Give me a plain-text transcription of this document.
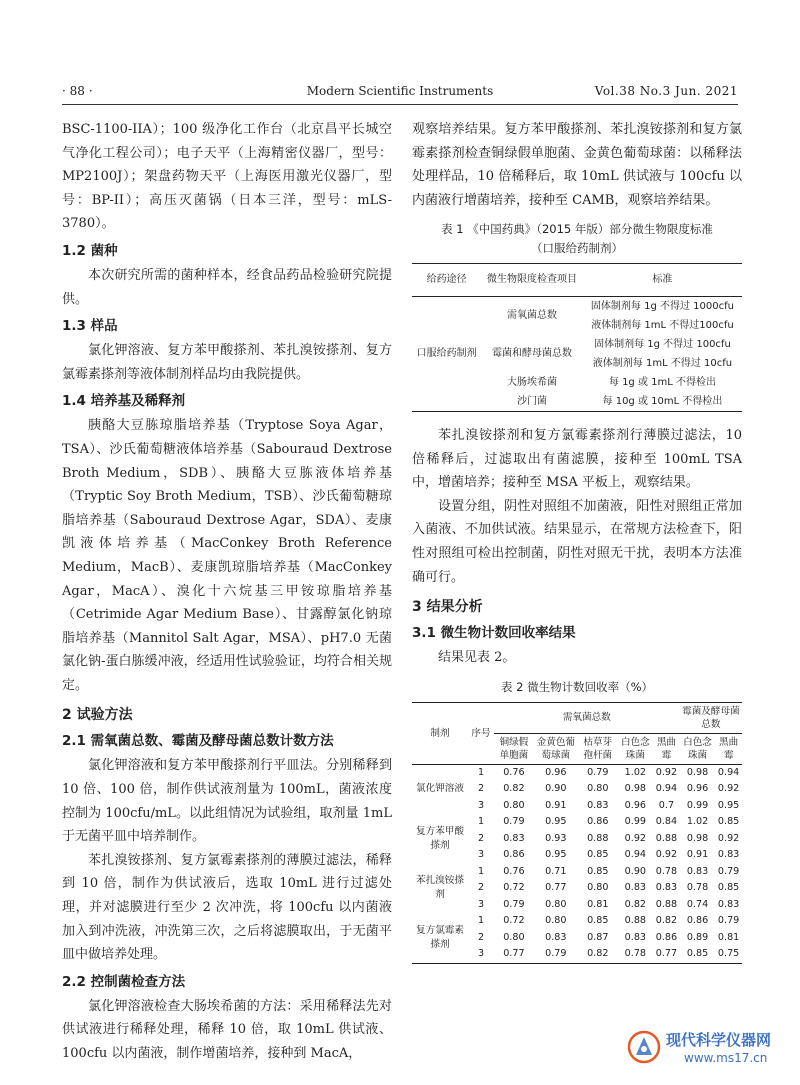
· 88 ·	Modern Scientific Instruments	Vol.38 No.3 Jun. 2021

BSC-1100-IIA）；100 级净化工作台（北京昌平长城空气净化工程公司）；电子天平（上海精密仪器厂，型号：MP2100J）；架盘药物天平（上海医用激光仪器厂，型号：BP-II）；高压灭菌锅（日本三洋，型号：mLS-3780）。

1.2 菌种

本次研究所需的菌种样本，经食品药品检验研究院提供。

1.3 样品

氯化钾溶液、复方苯甲酸搽剂、苯扎溴铵搽剂、复方氯霉素搽剂等液体制剂样品均由我院提供。

1.4 培养基及稀释剂

胰酪大豆胨琼脂培养基（Tryptose Soya Agar，TSA）、沙氏葡萄糖液体培养基（Sabouraud Dextrose Broth Medium，SDB）、胰酪大豆胨液体培养基（Tryptic Soy Broth Medium，TSB）、沙氏葡萄糖琼脂培养基（Sabouraud Dextrose Agar，SDA）、麦康凯液体培养基（MacConkey Broth Reference Medium，MacB）、麦康凯琼脂培养基（MacConkey Agar，MacA）、溴化十六烷基三甲铵琼脂培养基（Cetrimide Agar Medium Base）、甘露醇氯化钠琼脂培养基（Mannitol Salt Agar，MSA）、pH7.0 无菌氯化钠-蛋白胨缓冲液，经适用性试验验证，均符合相关规定。

2 试验方法
2.1 需氧菌总数、霉菌及酵母菌总数计数方法

氯化钾溶液和复方苯甲酸搽剂行平皿法。分别稀释到 10 倍、100 倍，制作供试液剂量为 100mL，菌液浓度控制为 100cfu/mL。以此组情况为试验组，取剂量 1mL 于无菌平皿中培养制作。

苯扎溴铵搽剂、复方氯霉素搽剂的薄膜过滤法，稀释到 10 倍，制作为供试液后，选取 10mL 进行过滤处理，并对滤膜进行至少 2 次冲洗，将 100cfu 以内菌液加入到冲洗液，冲洗第三次，之后将滤膜取出，于无菌平皿中做培养处理。

2.2 控制菌检查方法

氯化钾溶液检查大肠埃希菌的方法：采用稀释法先对供试液进行稀释处理，稀释 10 倍，取 10mL 供试液、100cfu 以内菌液，制作增菌培养，接种到 MacA，

观察培养结果。复方苯甲酸搽剂、苯扎溴铵搽剂和复方氯霉素搽剂检查铜绿假单胞菌、金黄色葡萄球菌：以稀释法处理样品，10 倍稀释后，取 10mL 供试液与 100cfu 以内菌液行增菌培养，接种至 CAMB，观察培养结果。

表 1 《中国药典》（2015 年版）部分微生物限度标准
（口服给药制剂）
给药途径	微生物限度检查项目	标准
口服给药制剂	需氧菌总数	固体制剂每 1g 不得过 1000cfu
		液体制剂每 1mL 不得过100cfu
	霉菌和酵母菌总数	固体制剂每 1g 不得过 100cfu
		液体制剂每 1mL 不得过 10cfu
	大肠埃希菌	每 1g 或 1mL 不得检出
	沙门菌	每 10g 或 10mL 不得检出

苯扎溴铵搽剂和复方氯霉素搽剂行薄膜过滤法，10 倍稀释后，过滤取出有菌滤膜，接种至 100mL TSA 中，增菌培养；接种至 MSA 平板上，观察结果。

设置分组，阴性对照组不加菌液，阳性对照组正常加入菌液、不加供试液。结果显示，在常规方法检查下，阳性对照组可检出控制菌，阴性对照无干扰，表明本方法准确可行。

3 结果分析
3.1 微生物计数回收率结果

结果见表 2。

表 2 微生物计数回收率（%）
制剂	序号	需氧菌总数					霉菌及酵母菌总数	
		铜绿假单胞菌	金黄色葡萄球菌	枯草芽孢杆菌	白色念珠菌	黑曲霉	白色念珠菌	黑曲霉
氯化钾溶液	1	0.76	0.96	0.79	1.02	0.92	0.98	0.94
	2	0.82	0.90	0.80	0.98	0.94	0.96	0.92
	3	0.80	0.91	0.83	0.96	0.7	0.99	0.95
复方苯甲酸搽剂	1	0.79	0.95	0.86	0.99	0.84	1.02	0.85
	2	0.83	0.93	0.88	0.92	0.88	0.98	0.92
	3	0.86	0.95	0.85	0.94	0.92	0.91	0.83
苯扎溴铵搽剂	1	0.76	0.71	0.85	0.90	0.78	0.83	0.79
	2	0.72	0.77	0.80	0.83	0.83	0.78	0.85
	3	0.79	0.80	0.81	0.82	0.88	0.74	0.83
复方氯霉素搽剂	1	0.72	0.80	0.85	0.88	0.82	0.86	0.79
	2	0.80	0.83	0.87	0.83	0.86	0.89	0.81
	3	0.77	0.79	0.82	0.78	0.77	0.85	0.75
现代科学仪器网
www.ms17.cn
